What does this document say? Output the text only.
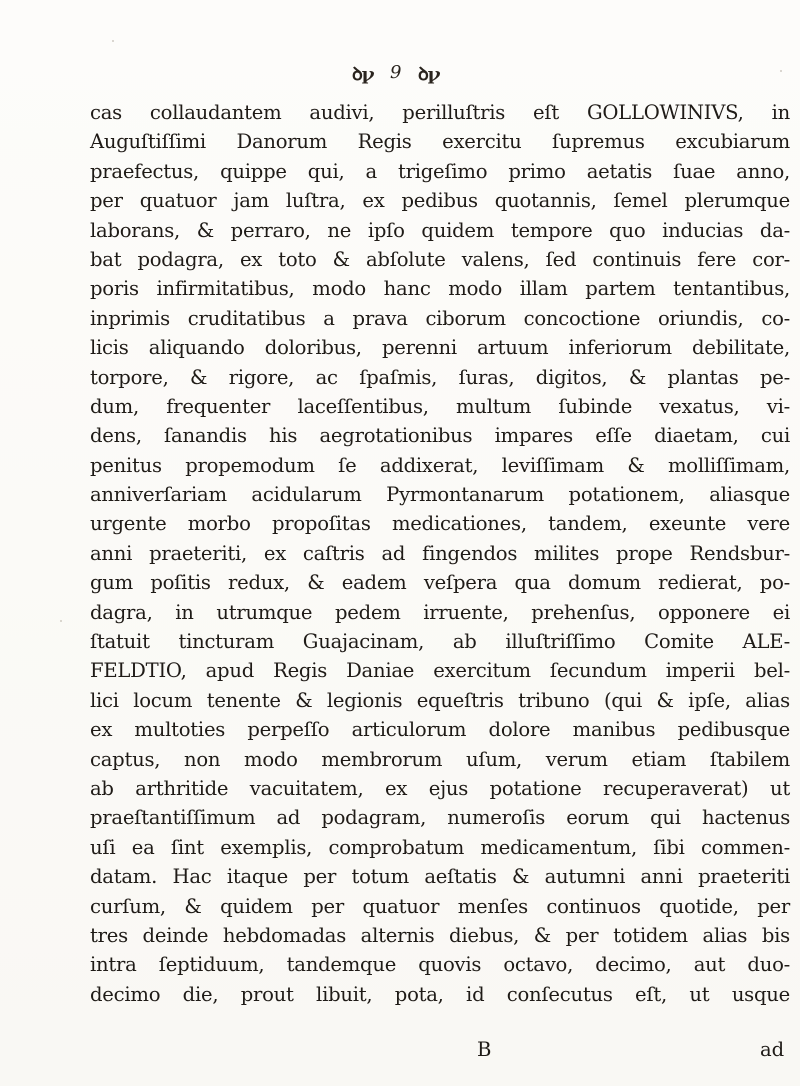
ꝺꝩ 9 ꝺꝩ
cas collaudantem audivi, perilluſtris eſt GOLLOWINIVS, in
Auguſtiſſimi Danorum Regis exercitu ſupremus excubiarum
praefectus, quippe qui, a trigeſimo primo aetatis ſuae anno,
per quatuor jam luſtra, ex pedibus quotannis, ſemel plerumque
laborans, & perraro, ne ipſo quidem tempore quo inducias da-
bat podagra, ex toto & abſolute valens, ſed continuis fere cor-
poris infirmitatibus, modo hanc modo illam partem tentantibus,
inprimis cruditatibus a prava ciborum concoctione oriundis, co-
licis aliquando doloribus, perenni artuum inferiorum debilitate,
torpore, & rigore, ac ſpaſmis, ſuras, digitos, & plantas pe-
dum, frequenter laceſſentibus, multum ſubinde vexatus, vi-
dens, ſanandis his aegrotationibus impares eſſe diaetam, cui
penitus propemodum ſe addixerat, leviſſimam & molliſſimam,
anniverſariam acidularum Pyrmontanarum potationem, aliasque
urgente morbo propoſitas medicationes, tandem, exeunte vere
anni praeteriti, ex caſtris ad fingendos milites prope Rendsbur-
gum poſitis redux, & eadem veſpera qua domum redierat, po-
dagra, in utrumque pedem irruente, prehenſus, opponere ei
ſtatuit tincturam Guajacinam, ab illuſtriſſimo Comite ALE-
FELDTIO, apud Regis Daniae exercitum ſecundum imperii bel-
lici locum tenente & legionis equeſtris tribuno (qui & ipſe, alias
ex multoties perpeſſo articulorum dolore manibus pedibusque
captus, non modo membrorum uſum, verum etiam ſtabilem
ab arthritide vacuitatem, ex ejus potatione recuperaverat) ut
praeſtantiſſimum ad podagram, numeroſis eorum qui hactenus
uſi ea ſint exemplis, comprobatum medicamentum, ſibi commen-
datam. Hac itaque per totum aeſtatis & autumni anni praeteriti
curſum, & quidem per quatuor menſes continuos quotide, per
tres deinde hebdomadas alternis diebus, & per totidem alias bis
intra ſeptiduum, tandemque quovis octavo, decimo, aut duo-
decimo die, prout libuit, pota, id conſecutus eſt, ut usque
B	ad
